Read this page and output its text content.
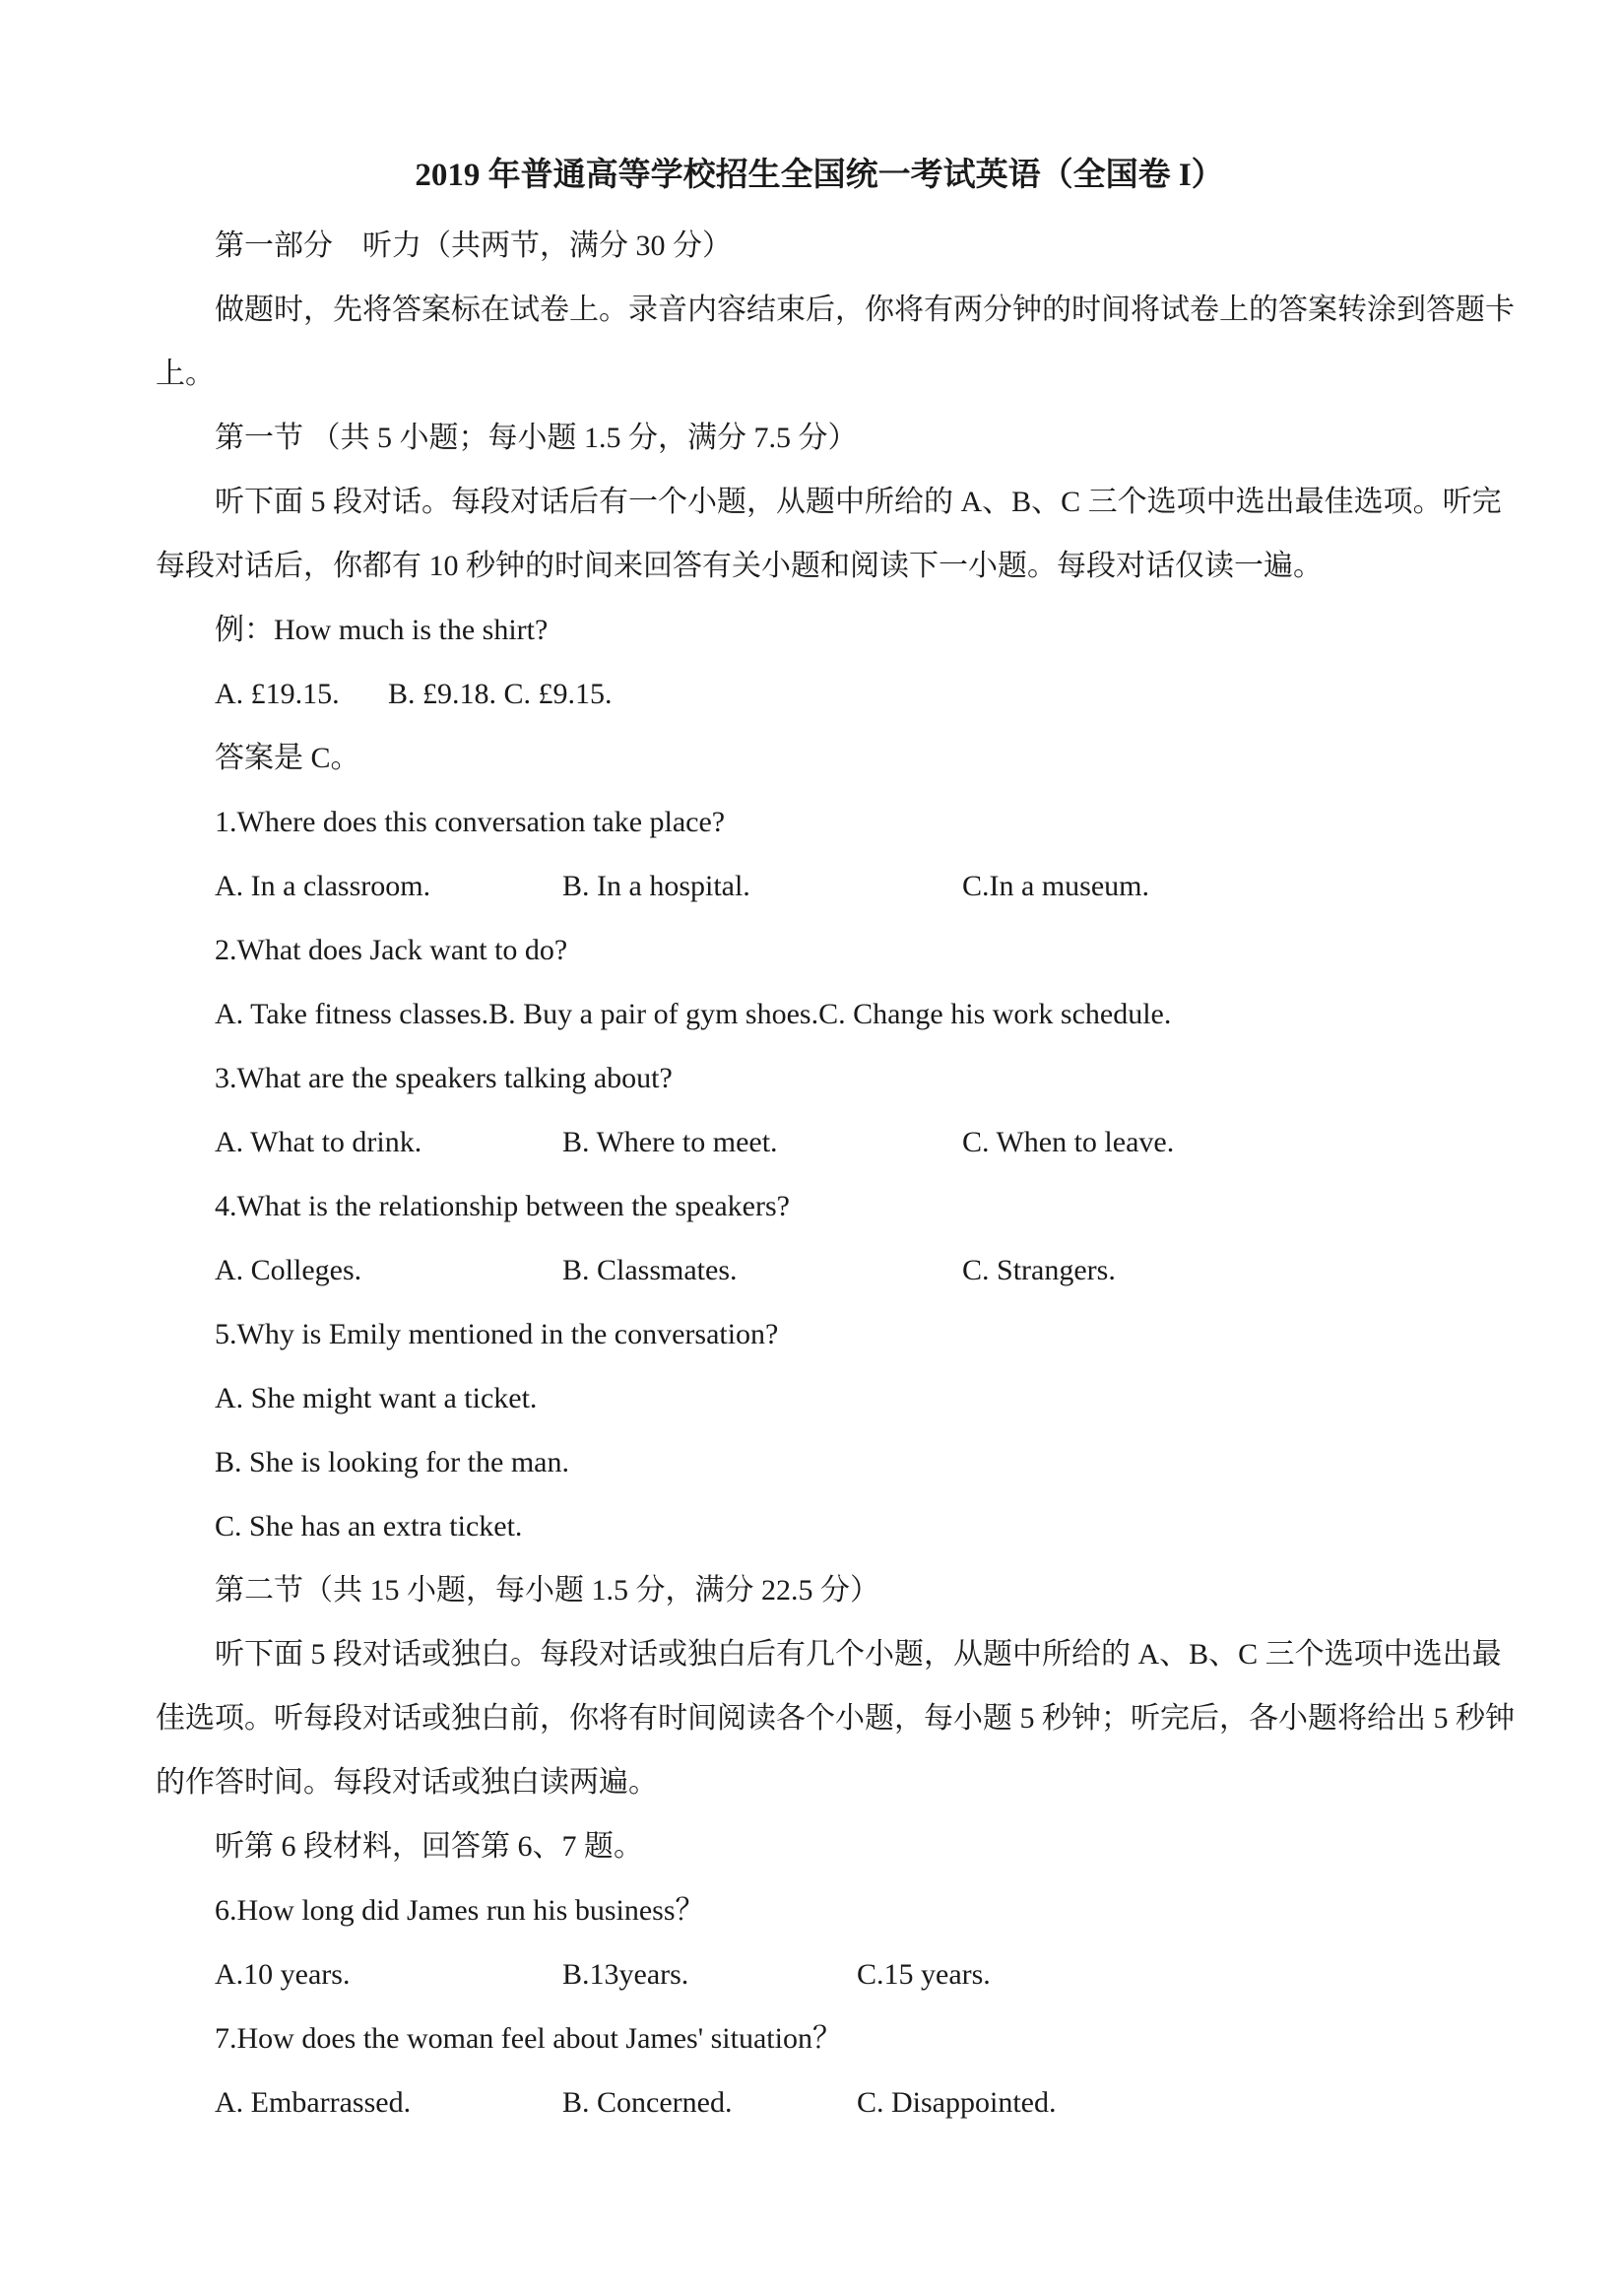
2019 年普通高等学校招生全国统一考试英语（全国卷 I）
第一部分　听力（共两节，满分 30 分）
做题时，先将答案标在试卷上。录音内容结束后，你将有两分钟的时间将试卷上的答案转涂到答题卡
上。
第一节 （共 5 小题；每小题 1.5 分，满分 7.5 分）
听下面 5 段对话。每段对话后有一个小题，从题中所给的 A、B、C 三个选项中选出最佳选项。听完
每段对话后，你都有 10 秒钟的时间来回答有关小题和阅读下一小题。每段对话仅读一遍。
例：How much is the shirt?
A. £19.15.	B. £9.18. C. £9.15.
答案是 C。
1.Where does this conversation take place?
A. In a classroom.	B. In a hospital.	C.In a museum.
2.What does Jack want to do?
A. Take fitness classes.B. Buy a pair of gym shoes.C. Change his work schedule.
3.What are the speakers talking about?
A. What to drink.	B. Where to meet.	C. When to leave.
4.What is the relationship between the speakers?
A. Colleges.	B. Classmates.	C. Strangers.
5.Why is Emily mentioned in the conversation?
A. She might want a ticket.
B. She is looking for the man.
C. She has an extra ticket.
第二节（共 15 小题，每小题 1.5 分，满分 22.5 分）
听下面 5 段对话或独白。每段对话或独白后有几个小题，从题中所给的 A、B、C 三个选项中选出最
佳选项。听每段对话或独白前，你将有时间阅读各个小题，每小题 5 秒钟；听完后，各小题将给出 5 秒钟
的作答时间。每段对话或独白读两遍。
听第 6 段材料，回答第 6、7 题。
6.How long did James run his business？
A.10 years.	B.13years.	C.15 years.
7.How does the woman feel about James' situation？
A. Embarrassed.	B. Concerned.	C. Disappointed.
